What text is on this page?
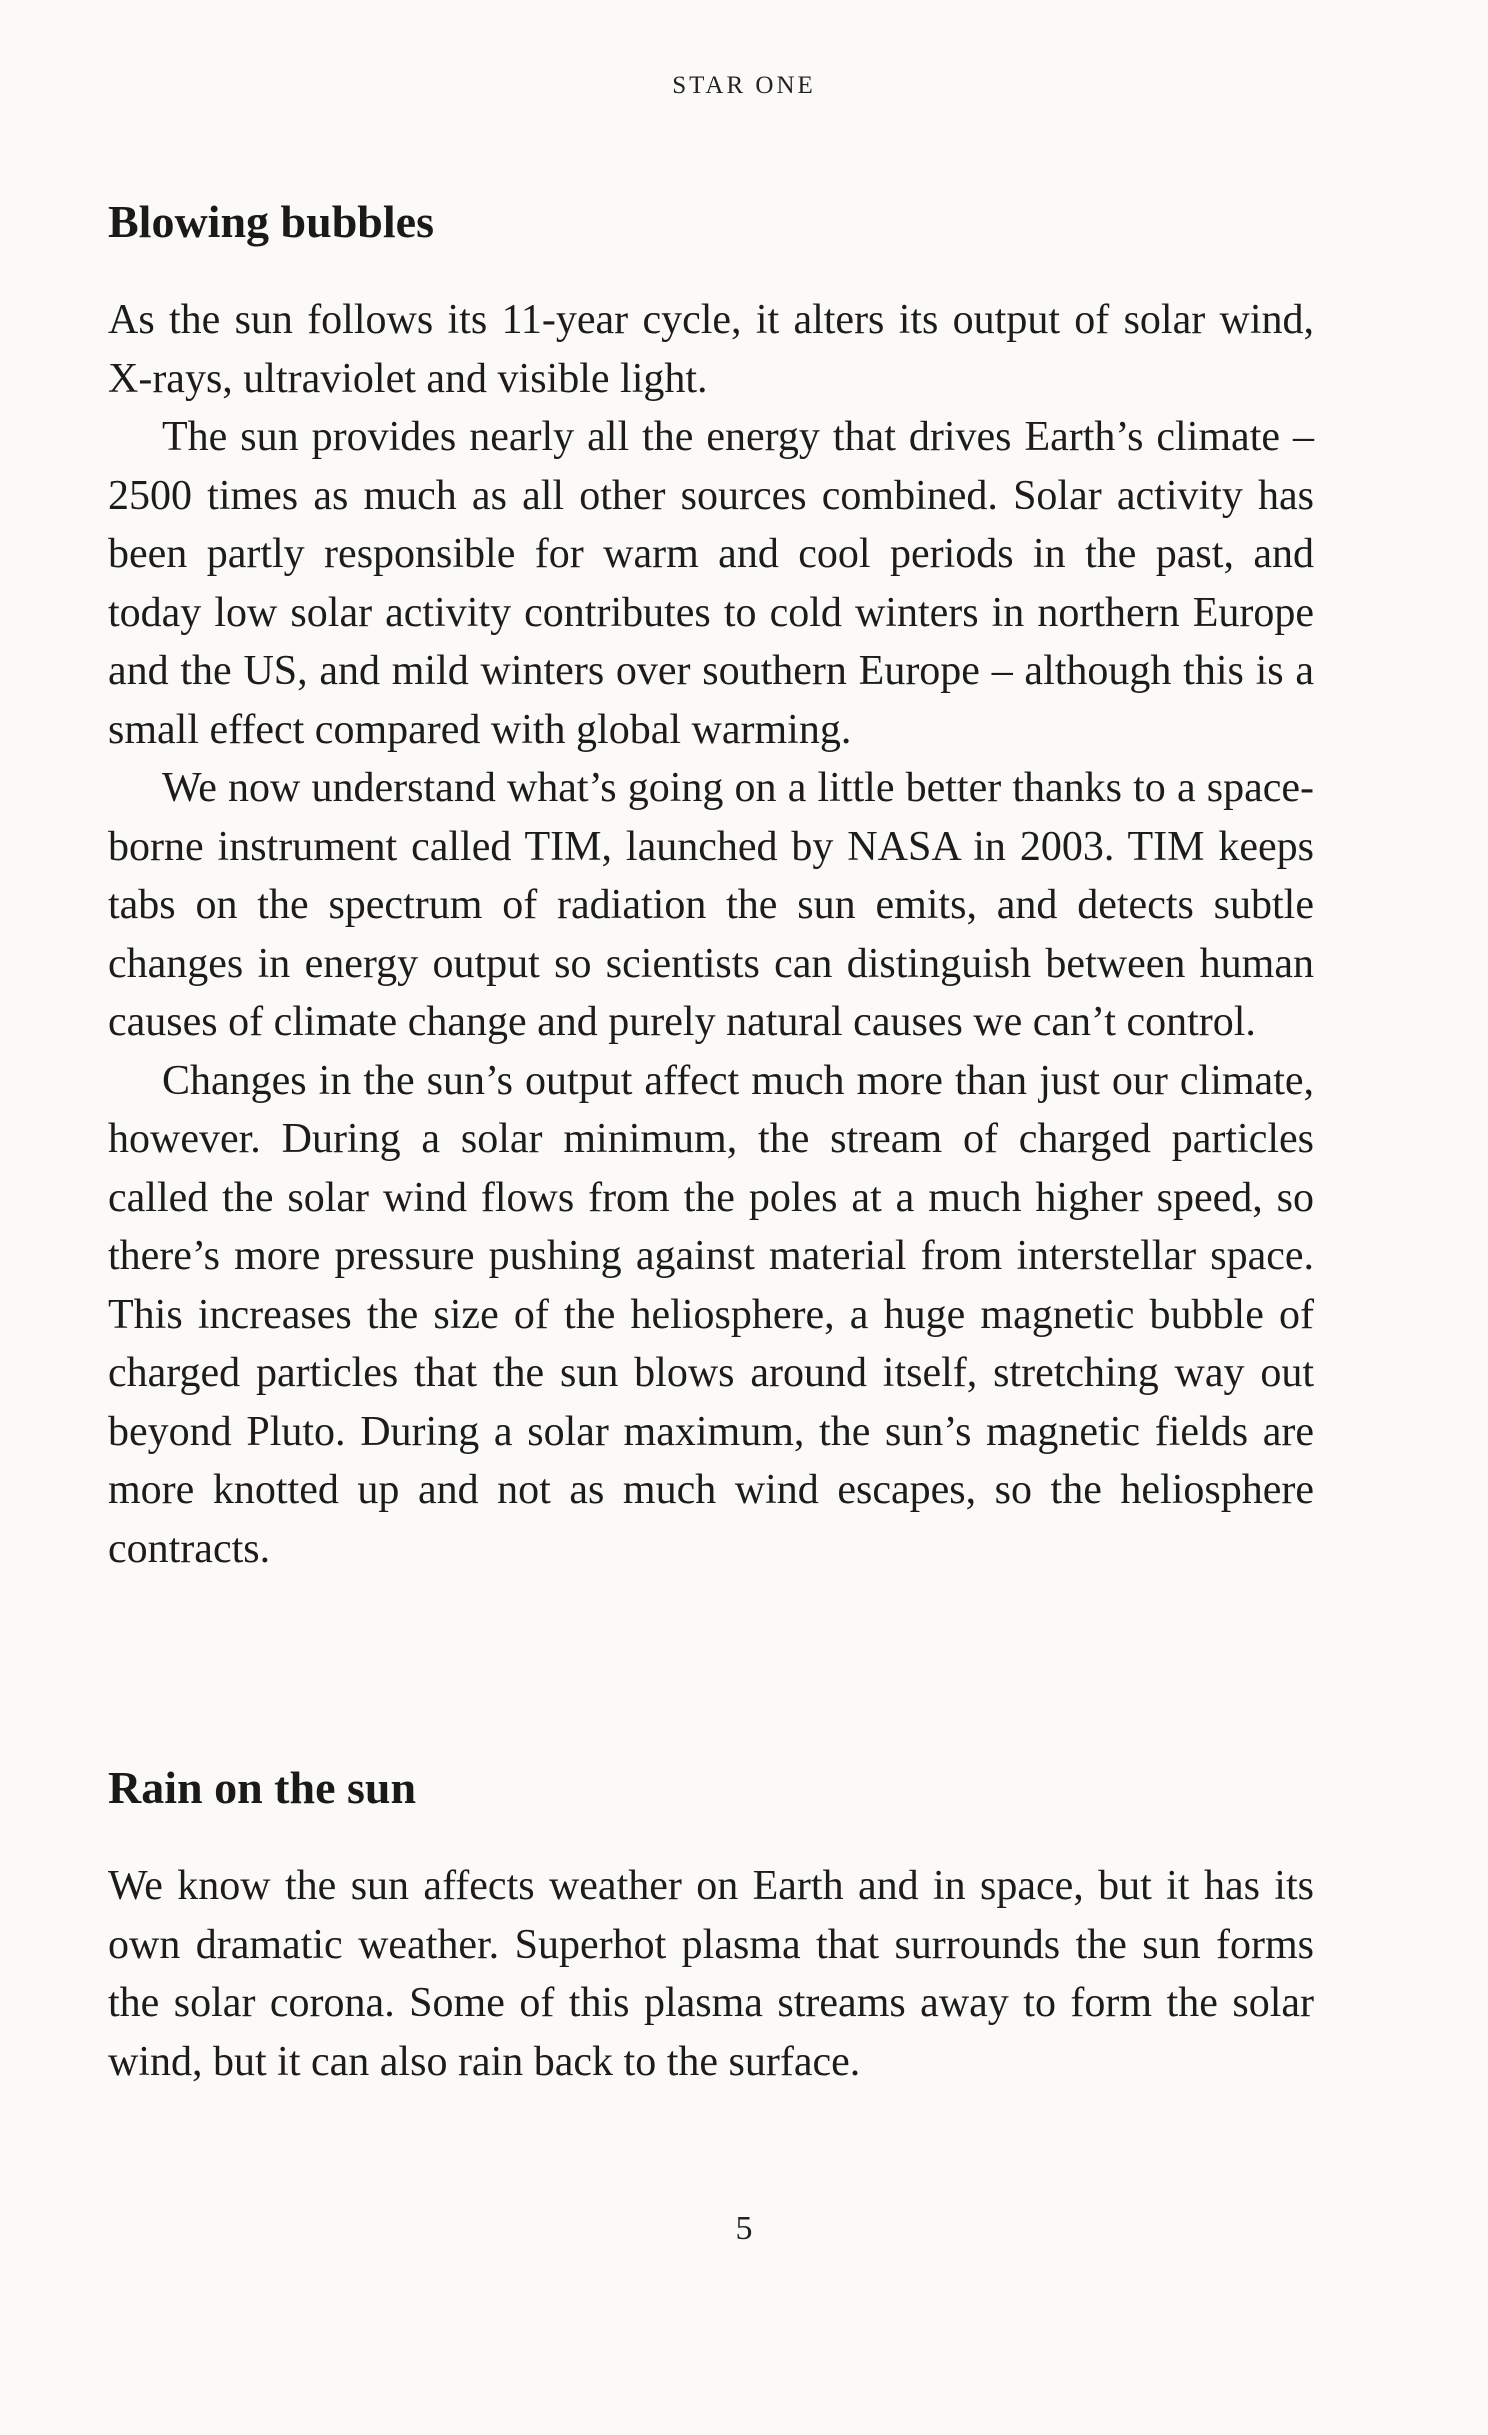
STAR ONE
Blowing bubbles

As the sun follows its 11-year cycle, it alters its output of solar wind, X-rays, ultraviolet and visible light.

The sun provides nearly all the energy that drives Earth’s climate – 2500 times as much as all other sources combined. Solar activity has been partly responsible for warm and cool periods in the past, and today low solar activity contributes to cold winters in northern Europe and the US, and mild winters over southern Europe – although this is a small effect compared with global warming.

We now understand what’s going on a little better thanks to a space-borne instrument called TIM, launched by NASA in 2003. TIM keeps tabs on the spectrum of radiation the sun emits, and detects subtle changes in energy output so scientists can distinguish between human causes of climate change and purely natural causes we can’t control.

Changes in the sun’s output affect much more than just our climate, however. During a solar minimum, the stream of charged particles called the solar wind flows from the poles at a much higher speed, so there’s more pressure pushing against material from interstellar space. This increases the size of the heliosphere, a huge magnetic bubble of charged particles that the sun blows around itself, stretching way out beyond Pluto. During a solar maximum, the sun’s magnetic fields are more knotted up and not as much wind escapes, so the heliosphere contracts.

Rain on the sun

We know the sun affects weather on Earth and in space, but it has its own dramatic weather. Superhot plasma that surrounds the sun forms the solar corona. Some of this plasma streams away to form the solar wind, but it can also rain back to the surface.

5
